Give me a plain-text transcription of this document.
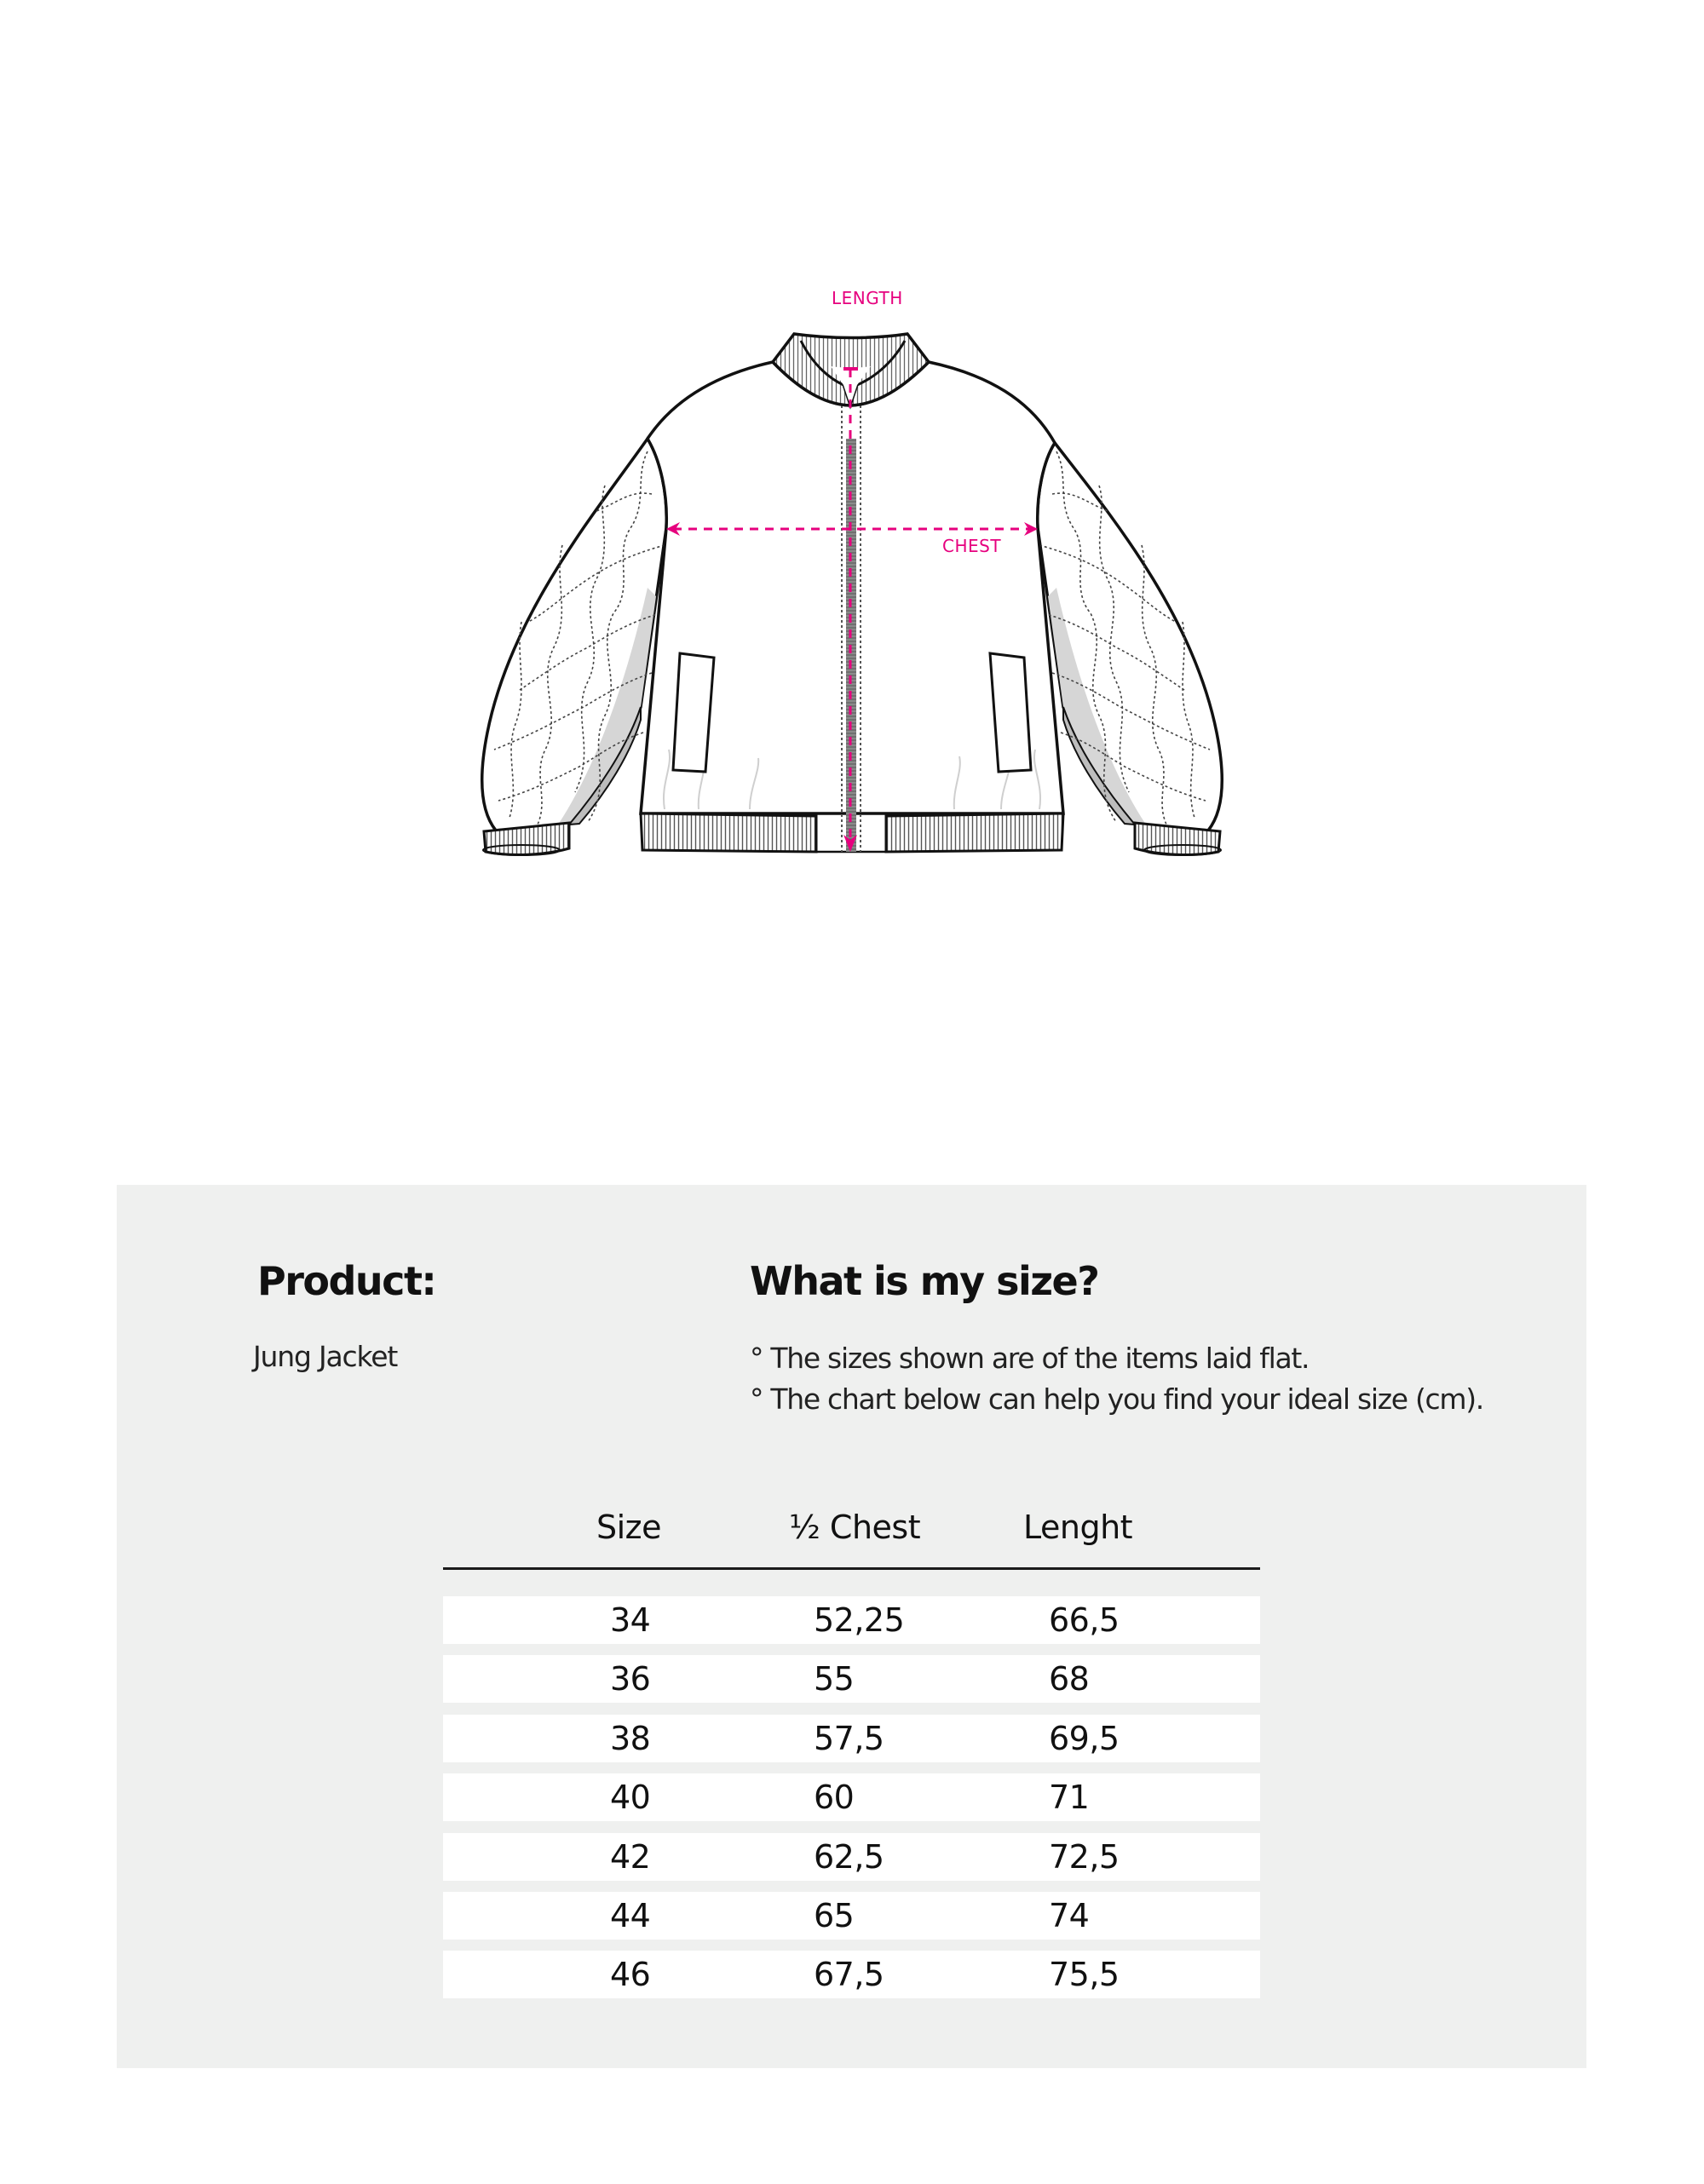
LENGTH
CHEST
Product:
Jung Jacket
What is my size?
° The sizes shown are of the items laid flat.
° The chart below can help you find your ideal size (cm).
Size	½ Chest	Lenght
34	52,25	66,5
36	55	68
38	57,5	69,5
40	60	71
42	62,5	72,5
44	65	74
46	67,5	75,5
